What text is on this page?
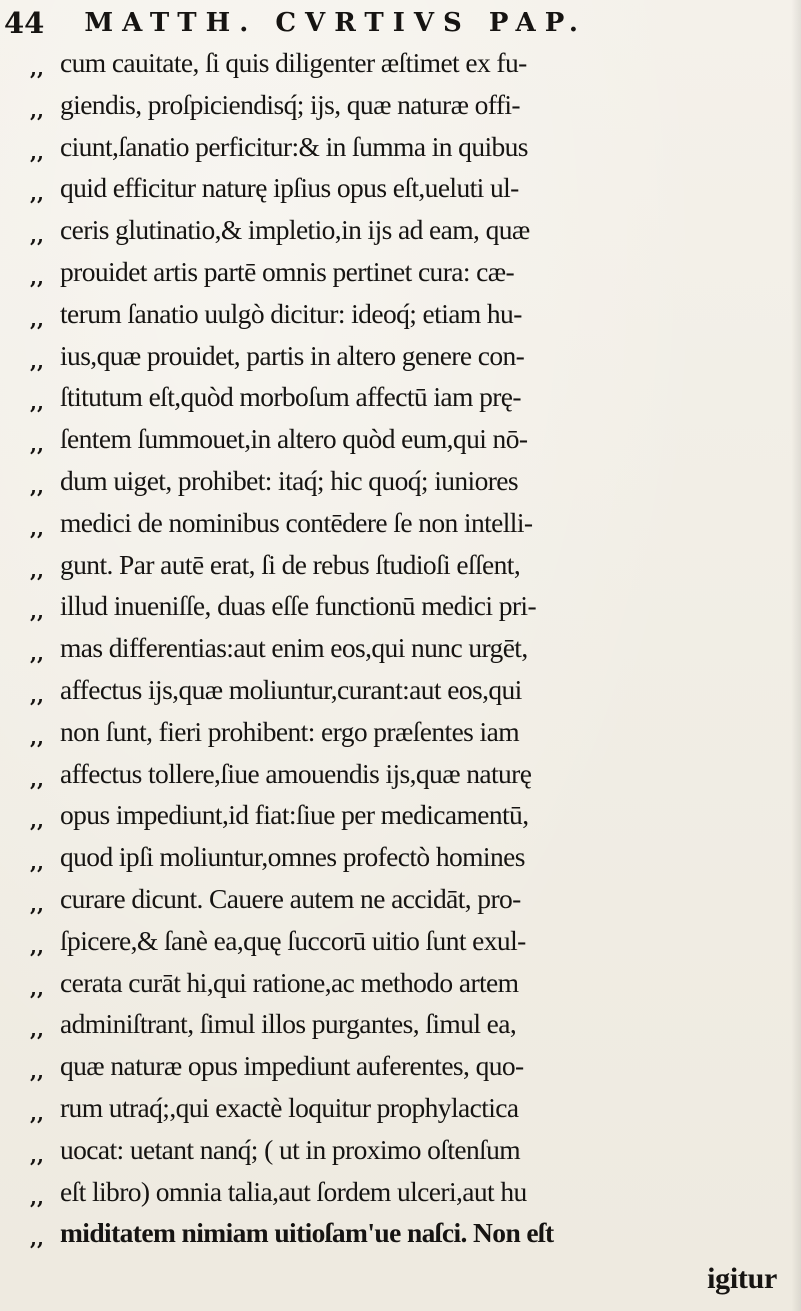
44 MATTH. CVRTIVS PAP.
,, cum cauitate, ſi quis diligenter æſtimet ex fu-
,, giendis, proſpiciendisq́; ijs, quæ naturæ offi-
,, ciunt,ſanatio perficitur:& in ſumma in quibus
,, quid efficitur naturę ipſius opus eſt,ueluti ul-
,, ceris glutinatio,& impletio,in ijs ad eam, quæ
,, prouidet artis partē omnis pertinet cura: cæ-
,, terum ſanatio uulgò dicitur: ideoq́; etiam hu-
,, ius,quæ prouidet, partis in altero genere con-
,, ſtitutum eſt,quòd morboſum affectū iam prę-
,, ſentem ſummouet,in altero quòd eum,qui nō-
,, dum uiget, prohibet: itaq́; hic quoq́; iuniores
,, medici de nominibus contēdere ſe non intelli-
,, gunt. Par autē erat, ſi de rebus ſtudioſi eſſent,
,, illud inueniſſe, duas eſſe functionū medici pri-
,, mas differentias:aut enim eos,qui nunc urgēt,
,, affectus ijs,quæ moliuntur,curant:aut eos,qui
,, non ſunt, fieri prohibent: ergo præſentes iam
,, affectus tollere,ſiue amouendis ijs,quæ naturę
,, opus impediunt,id fiat:ſiue per medicamentū,
,, quod ipſi moliuntur,omnes profectò homines
,, curare dicunt. Cauere autem ne accidāt, pro-
,, ſpicere,& ſanè ea,quę ſuccorū uitio ſunt exul-
,, cerata curāt hi,qui ratione,ac methodo artem
,, adminiſtrant, ſimul illos purgantes, ſimul ea,
,, quæ naturæ opus impediunt auferentes, quo-
,, rum utraq́;,qui exactè loquitur prophylactica
,, uocat: uetant nanq́; ( ut in proximo oſtenſum
,, eſt libro) omnia talia,aut ſordem ulceri,aut hu
,, miditatem nimiam uitioſam'ue naſci. Non eſt
igitur
